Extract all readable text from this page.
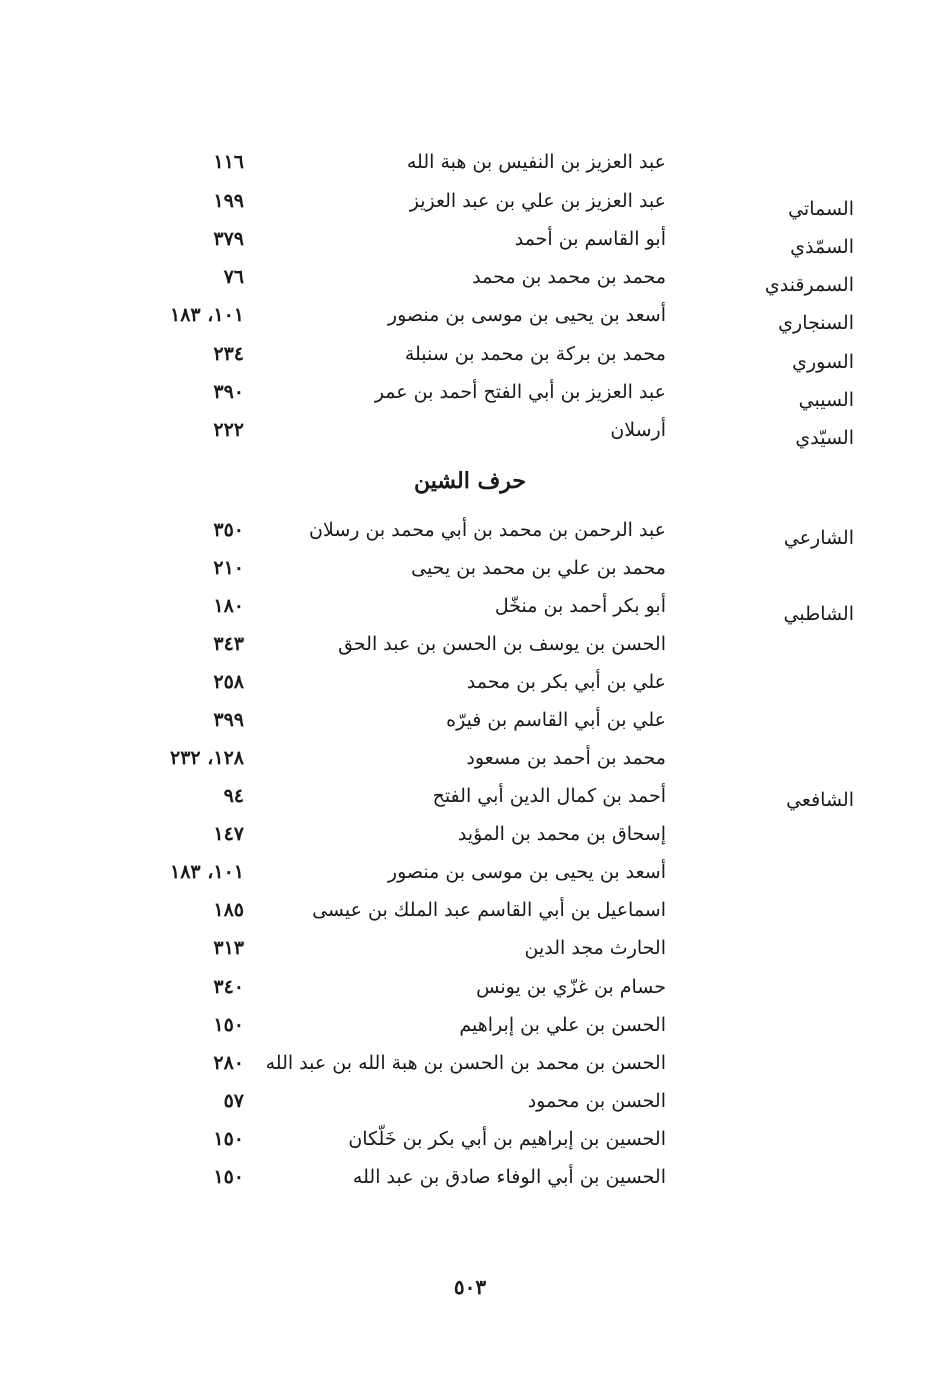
عبد العزيز بن النفيس بن هبة الله
١١٦
السماتي
عبد العزيز بن علي بن عبد العزيز
١٩٩
السمّذي
أبو القاسم بن أحمد
٣٧٩
السمرقندي
محمد بن محمد بن محمد
٧٦
السنجاري
أسعد بن يحيى بن موسى بن منصور
١٠١، ١٨٣
السوري
محمد بن بركة بن محمد بن سنبلة
٢٣٤
السيبي
عبد العزيز بن أبي الفتح أحمد بن عمر
٣٩٠
السيّدي
أرسلان
٢٢٢
حرف الشين
الشارعي
عبد الرحمن بن محمد بن أبي محمد بن رسلان
٣٥٠
محمد بن علي بن محمد بن يحيى
٢١٠
الشاطبي
أبو بكر أحمد بن منخّل
١٨٠
الحسن بن يوسف بن الحسن بن عبد الحق
٣٤٣
علي بن أبي بكر بن محمد
٢٥٨
علي بن أبي القاسم بن فيرّه
٣٩٩
محمد بن أحمد بن مسعود
١٢٨، ٢٣٢
الشافعي
أحمد بن كمال الدين أبي الفتح
٩٤
إسحاق بن محمد بن المؤيد
١٤٧
أسعد بن يحيى بن موسى بن منصور
١٠١، ١٨٣
اسماعيل بن أبي القاسم عبد الملك بن عيسى
١٨٥
الحارث مجد الدين
٣١٣
حسام بن غزّي بن يونس
٣٤٠
الحسن بن علي بن إبراهيم
١٥٠
الحسن بن محمد بن الحسن بن هبة الله بن عبد الله
٢٨٠
الحسن بن محمود
٥٧
الحسين بن إبراهيم بن أبي بكر بن خَلّكان
١٥٠
الحسين بن أبي الوفاء صادق بن عبد الله
١٥٠
٥٠٣
